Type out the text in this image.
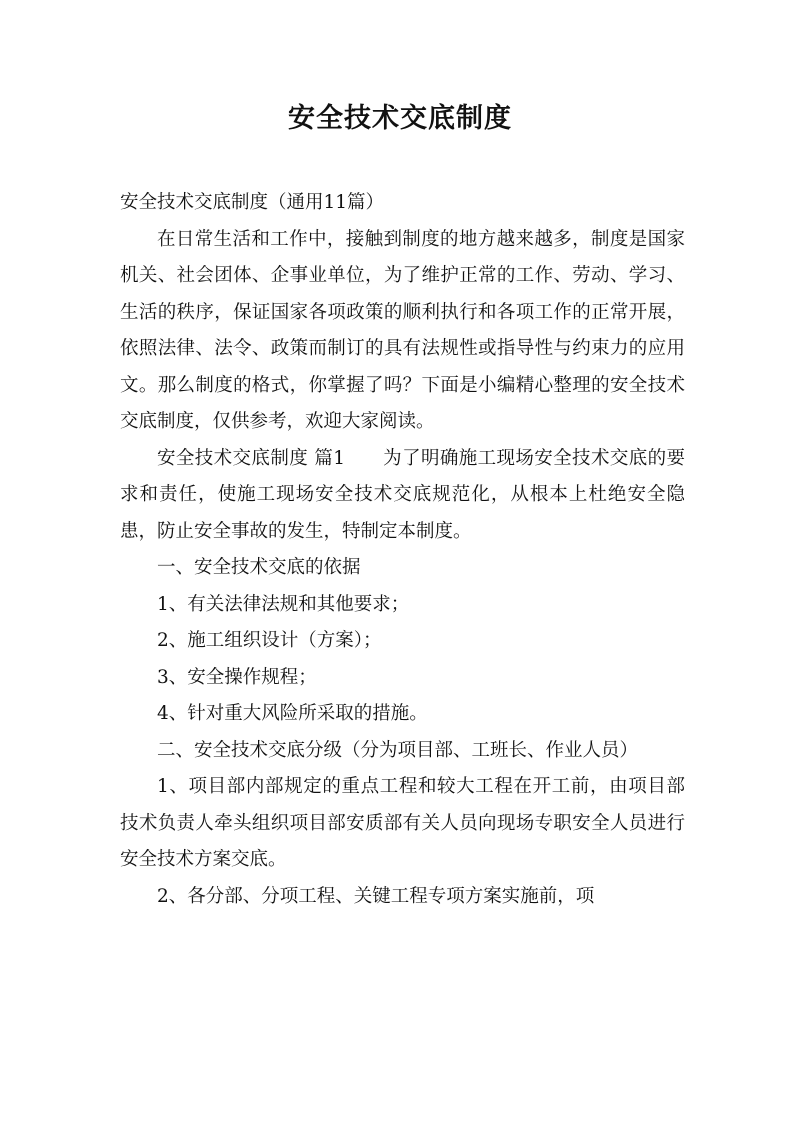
安全技术交底制度

安全技术交底制度（通用11篇）

在日常生活和工作中，接触到制度的地方越来越多，制度是国家机关、社会团体、企事业单位，为了维护正常的工作、劳动、学习、生活的秩序，保证国家各项政策的顺利执行和各项工作的正常开展，依照法律、法令、政策而制订的具有法规性或指导性与约束力的应用文。那么制度的格式，你掌握了吗？下面是小编精心整理的安全技术交底制度，仅供参考，欢迎大家阅读。

安全技术交底制度 篇1　　为了明确施工现场安全技术交底的要求和责任，使施工现场安全技术交底规范化，从根本上杜绝安全隐患，防止安全事故的发生，特制定本制度。

一、安全技术交底的依据

1、有关法律法规和其他要求；

2、施工组织设计（方案）；

3、安全操作规程；

4、针对重大风险所采取的措施。

二、安全技术交底分级（分为项目部、工班长、作业人员）

1、项目部内部规定的重点工程和较大工程在开工前，由项目部技术负责人牵头组织项目部安质部有关人员向现场专职安全人员进行安全技术方案交底。

2、各分部、分项工程、关键工程专项方案实施前，项
